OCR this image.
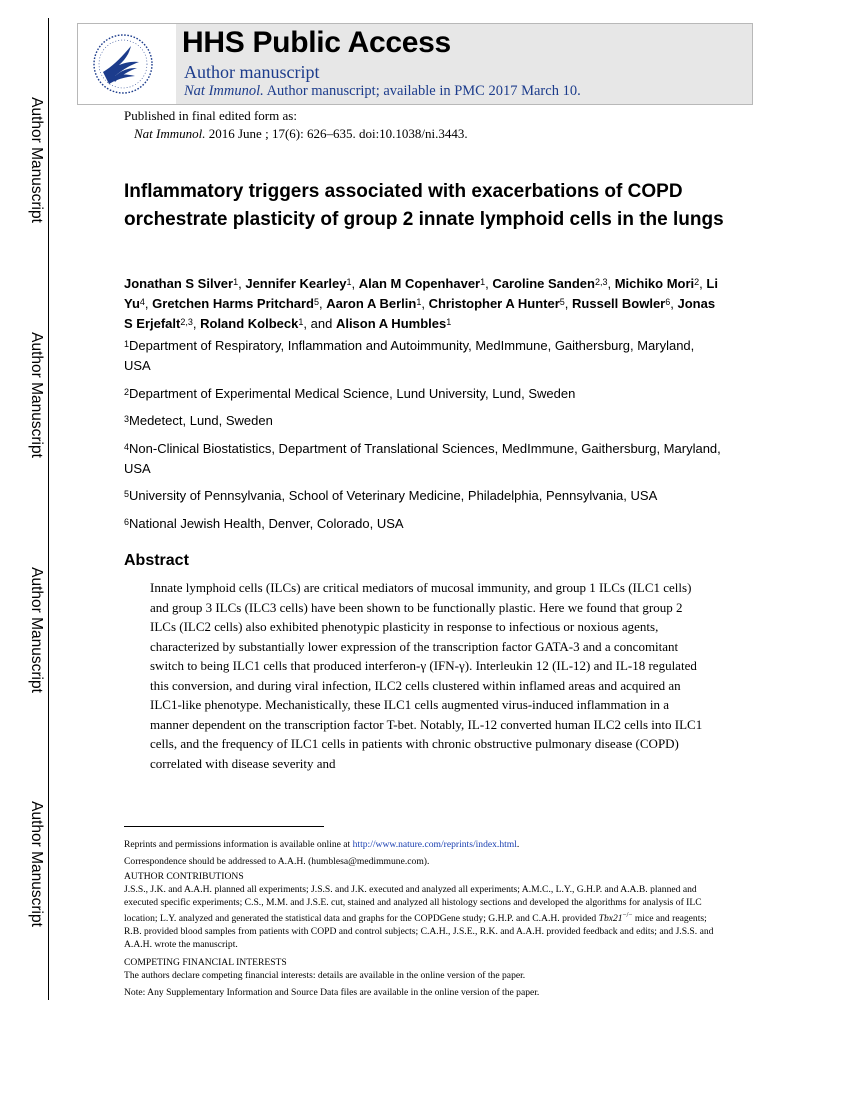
Author Manuscript
Author Manuscript
Author Manuscript
Author Manuscript
HHS Public Access
Author manuscript
Nat Immunol. Author manuscript; available in PMC 2017 March 10.
Published in final edited form as:
Nat Immunol. 2016 June ; 17(6): 626–635. doi:10.1038/ni.3443.
Inflammatory triggers associated with exacerbations of COPD orchestrate plasticity of group 2 innate lymphoid cells in the lungs
Jonathan S Silver$^1$, Jennifer Kearley$^1$, Alan M Copenhaver$^1$, Caroline Sanden$^{2,3}$, Michiko Mori$^2$, Li Yu$^4$, Gretchen Harms Pritchard$^5$, Aaron A Berlin$^1$, Christopher A Hunter$^5$, Russell Bowler$^6$, Jonas S Erjefalt$^{2,3}$, Roland Kolbeck$^1$, and Alison A Humbles$^1$
$^1$Department of Respiratory, Inflammation and Autoimmunity, MedImmune, Gaithersburg, Maryland, USA
$^2$Department of Experimental Medical Science, Lund University, Lund, Sweden
$^3$Medetect, Lund, Sweden
$^4$Non-Clinical Biostatistics, Department of Translational Sciences, MedImmune, Gaithersburg, Maryland, USA
$^5$University of Pennsylvania, School of Veterinary Medicine, Philadelphia, Pennsylvania, USA
$^6$National Jewish Health, Denver, Colorado, USA
Abstract
Innate lymphoid cells (ILCs) are critical mediators of mucosal immunity, and group 1 ILCs (ILC1 cells) and group 3 ILCs (ILC3 cells) have been shown to be functionally plastic. Here we found that group 2 ILCs (ILC2 cells) also exhibited phenotypic plasticity in response to infectious or noxious agents, characterized by substantially lower expression of the transcription factor GATA-3 and a concomitant switch to being ILC1 cells that produced interferon-γ (IFN-γ). Interleukin 12 (IL-12) and IL-18 regulated this conversion, and during viral infection, ILC2 cells clustered within inflamed areas and acquired an ILC1-like phenotype. Mechanistically, these ILC1 cells augmented virus-induced inflammation in a manner dependent on the transcription factor T-bet. Notably, IL-12 converted human ILC2 cells into ILC1 cells, and the frequency of ILC1 cells in patients with chronic obstructive pulmonary disease (COPD) correlated with disease severity and
Reprints and permissions information is available online at http://www.nature.com/reprints/index.html.
Correspondence should be addressed to A.A.H. (humblesa@medimmune.com).
AUTHOR CONTRIBUTIONS
J.S.S., J.K. and A.A.H. planned all experiments; J.S.S. and J.K. executed and analyzed all experiments; A.M.C., L.Y., G.H.P. and A.A.B. planned and executed specific experiments; C.S., M.M. and J.S.E. cut, stained and analyzed all histology sections and developed the algorithms for analysis of ILC location; L.Y. analyzed and generated the statistical data and graphs for the COPDGene study; G.H.P. and C.A.H. provided Tbx21−/− mice and reagents; R.B. provided blood samples from patients with COPD and control subjects; C.A.H., J.S.E., R.K. and A.A.H. provided feedback and edits; and J.S.S. and A.A.H. wrote the manuscript.
COMPETING FINANCIAL INTERESTS
The authors declare competing financial interests: details are available in the online version of the paper.
Note: Any Supplementary Information and Source Data files are available in the online version of the paper.
